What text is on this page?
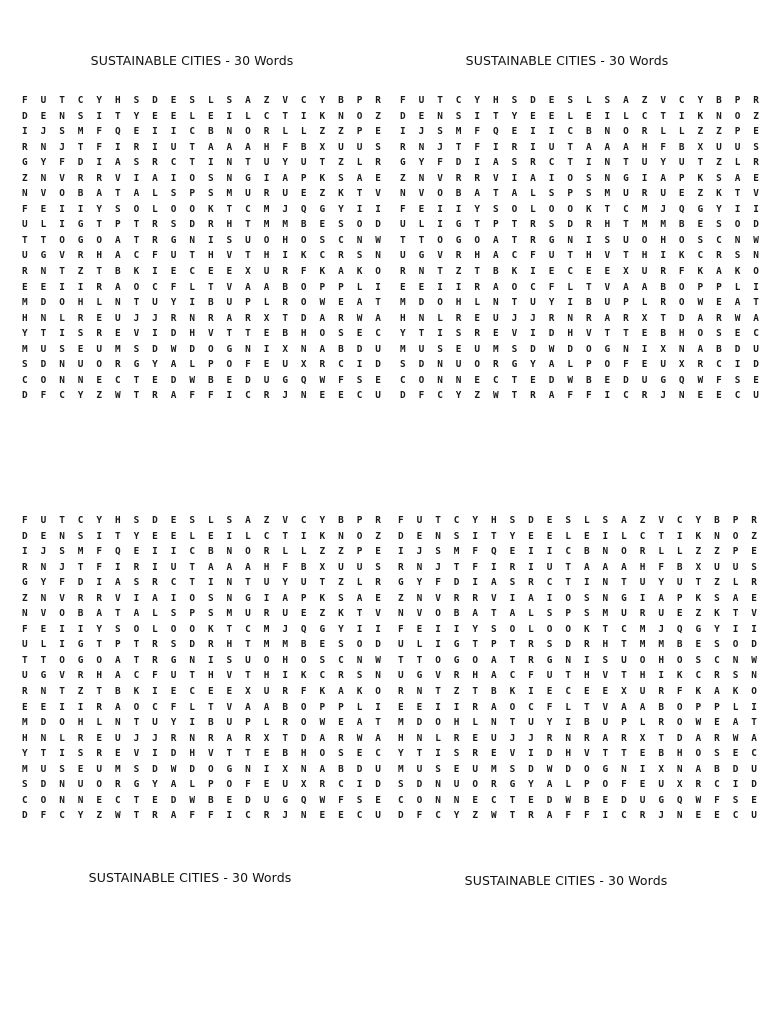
SUSTAINABLE CITIES - 30 Words	SUSTAINABLE CITIES - 30 Words
SUSTAINABLE CITIES - 30 Words	SUSTAINABLE CITIES - 30 Words
F	U	T	C	Y	H	S	D	E	S	L	S	A	Z	V	C	Y	B	P	R
D	E	N	S	I	T	Y	E	E	L	E	I	L	C	T	I	K	N	O	Z
I	J	S	M	F	Q	E	I	I	C	B	N	O	R	L	L	Z	Z	P	E
R	N	J	T	F	I	R	I	U	T	A	A	A	H	F	B	X	U	U	S
G	Y	F	D	I	A	S	R	C	T	I	N	T	U	Y	U	T	Z	L	R
Z	N	V	R	R	V	I	A	I	O	S	N	G	I	A	P	K	S	A	E
N	V	O	B	A	T	A	L	S	P	S	M	U	R	U	E	Z	K	T	V
F	E	I	I	Y	S	O	L	O	O	K	T	C	M	J	Q	G	Y	I	I
U	L	I	G	T	P	T	R	S	D	R	H	T	M	M	B	E	S	O	D
T	T	O	G	O	A	T	R	G	N	I	S	U	O	H	O	S	C	N	W
U	G	V	R	H	A	C	F	U	T	H	V	T	H	I	K	C	R	S	N
R	N	T	Z	T	B	K	I	E	C	E	E	X	U	R	F	K	A	K	O
E	E	I	I	R	A	O	C	F	L	T	V	A	A	B	O	P	P	L	I
M	D	O	H	L	N	T	U	Y	I	B	U	P	L	R	O	W	E	A	T
H	N	L	R	E	U	J	J	R	N	R	A	R	X	T	D	A	R	W	A
Y	T	I	S	R	E	V	I	D	H	V	T	T	E	B	H	O	S	E	C
M	U	S	E	U	M	S	D	W	D	O	G	N	I	X	N	A	B	D	U
S	D	N	U	O	R	G	Y	A	L	P	O	F	E	U	X	R	C	I	D
C	O	N	N	E	C	T	E	D	W	B	E	D	U	G	Q	W	F	S	E
D	F	C	Y	Z	W	T	R	A	F	F	I	C	R	J	N	E	E	C	U
F	U	T	C	Y	H	S	D	E	S	L	S	A	Z	V	C	Y	B	P	R
D	E	N	S	I	T	Y	E	E	L	E	I	L	C	T	I	K	N	O	Z
I	J	S	M	F	Q	E	I	I	C	B	N	O	R	L	L	Z	Z	P	E
R	N	J	T	F	I	R	I	U	T	A	A	A	H	F	B	X	U	U	S
G	Y	F	D	I	A	S	R	C	T	I	N	T	U	Y	U	T	Z	L	R
Z	N	V	R	R	V	I	A	I	O	S	N	G	I	A	P	K	S	A	E
N	V	O	B	A	T	A	L	S	P	S	M	U	R	U	E	Z	K	T	V
F	E	I	I	Y	S	O	L	O	O	K	T	C	M	J	Q	G	Y	I	I
U	L	I	G	T	P	T	R	S	D	R	H	T	M	M	B	E	S	O	D
T	T	O	G	O	A	T	R	G	N	I	S	U	O	H	O	S	C	N	W
U	G	V	R	H	A	C	F	U	T	H	V	T	H	I	K	C	R	S	N
R	N	T	Z	T	B	K	I	E	C	E	E	X	U	R	F	K	A	K	O
E	E	I	I	R	A	O	C	F	L	T	V	A	A	B	O	P	P	L	I
M	D	O	H	L	N	T	U	Y	I	B	U	P	L	R	O	W	E	A	T
H	N	L	R	E	U	J	J	R	N	R	A	R	X	T	D	A	R	W	A
Y	T	I	S	R	E	V	I	D	H	V	T	T	E	B	H	O	S	E	C
M	U	S	E	U	M	S	D	W	D	O	G	N	I	X	N	A	B	D	U
S	D	N	U	O	R	G	Y	A	L	P	O	F	E	U	X	R	C	I	D
C	O	N	N	E	C	T	E	D	W	B	E	D	U	G	Q	W	F	S	E
D	F	C	Y	Z	W	T	R	A	F	F	I	C	R	J	N	E	E	C	U
F	U	T	C	Y	H	S	D	E	S	L	S	A	Z	V	C	Y	B	P	R
D	E	N	S	I	T	Y	E	E	L	E	I	L	C	T	I	K	N	O	Z
I	J	S	M	F	Q	E	I	I	C	B	N	O	R	L	L	Z	Z	P	E
R	N	J	T	F	I	R	I	U	T	A	A	A	H	F	B	X	U	U	S
G	Y	F	D	I	A	S	R	C	T	I	N	T	U	Y	U	T	Z	L	R
Z	N	V	R	R	V	I	A	I	O	S	N	G	I	A	P	K	S	A	E
N	V	O	B	A	T	A	L	S	P	S	M	U	R	U	E	Z	K	T	V
F	E	I	I	Y	S	O	L	O	O	K	T	C	M	J	Q	G	Y	I	I
U	L	I	G	T	P	T	R	S	D	R	H	T	M	M	B	E	S	O	D
T	T	O	G	O	A	T	R	G	N	I	S	U	O	H	O	S	C	N	W
U	G	V	R	H	A	C	F	U	T	H	V	T	H	I	K	C	R	S	N
R	N	T	Z	T	B	K	I	E	C	E	E	X	U	R	F	K	A	K	O
E	E	I	I	R	A	O	C	F	L	T	V	A	A	B	O	P	P	L	I
M	D	O	H	L	N	T	U	Y	I	B	U	P	L	R	O	W	E	A	T
H	N	L	R	E	U	J	J	R	N	R	A	R	X	T	D	A	R	W	A
Y	T	I	S	R	E	V	I	D	H	V	T	T	E	B	H	O	S	E	C
M	U	S	E	U	M	S	D	W	D	O	G	N	I	X	N	A	B	D	U
S	D	N	U	O	R	G	Y	A	L	P	O	F	E	U	X	R	C	I	D
C	O	N	N	E	C	T	E	D	W	B	E	D	U	G	Q	W	F	S	E
D	F	C	Y	Z	W	T	R	A	F	F	I	C	R	J	N	E	E	C	U
F	U	T	C	Y	H	S	D	E	S	L	S	A	Z	V	C	Y	B	P	R
D	E	N	S	I	T	Y	E	E	L	E	I	L	C	T	I	K	N	O	Z
I	J	S	M	F	Q	E	I	I	C	B	N	O	R	L	L	Z	Z	P	E
R	N	J	T	F	I	R	I	U	T	A	A	A	H	F	B	X	U	U	S
G	Y	F	D	I	A	S	R	C	T	I	N	T	U	Y	U	T	Z	L	R
Z	N	V	R	R	V	I	A	I	O	S	N	G	I	A	P	K	S	A	E
N	V	O	B	A	T	A	L	S	P	S	M	U	R	U	E	Z	K	T	V
F	E	I	I	Y	S	O	L	O	O	K	T	C	M	J	Q	G	Y	I	I
U	L	I	G	T	P	T	R	S	D	R	H	T	M	M	B	E	S	O	D
T	T	O	G	O	A	T	R	G	N	I	S	U	O	H	O	S	C	N	W
U	G	V	R	H	A	C	F	U	T	H	V	T	H	I	K	C	R	S	N
R	N	T	Z	T	B	K	I	E	C	E	E	X	U	R	F	K	A	K	O
E	E	I	I	R	A	O	C	F	L	T	V	A	A	B	O	P	P	L	I
M	D	O	H	L	N	T	U	Y	I	B	U	P	L	R	O	W	E	A	T
H	N	L	R	E	U	J	J	R	N	R	A	R	X	T	D	A	R	W	A
Y	T	I	S	R	E	V	I	D	H	V	T	T	E	B	H	O	S	E	C
M	U	S	E	U	M	S	D	W	D	O	G	N	I	X	N	A	B	D	U
S	D	N	U	O	R	G	Y	A	L	P	O	F	E	U	X	R	C	I	D
C	O	N	N	E	C	T	E	D	W	B	E	D	U	G	Q	W	F	S	E
D	F	C	Y	Z	W	T	R	A	F	F	I	C	R	J	N	E	E	C	U
